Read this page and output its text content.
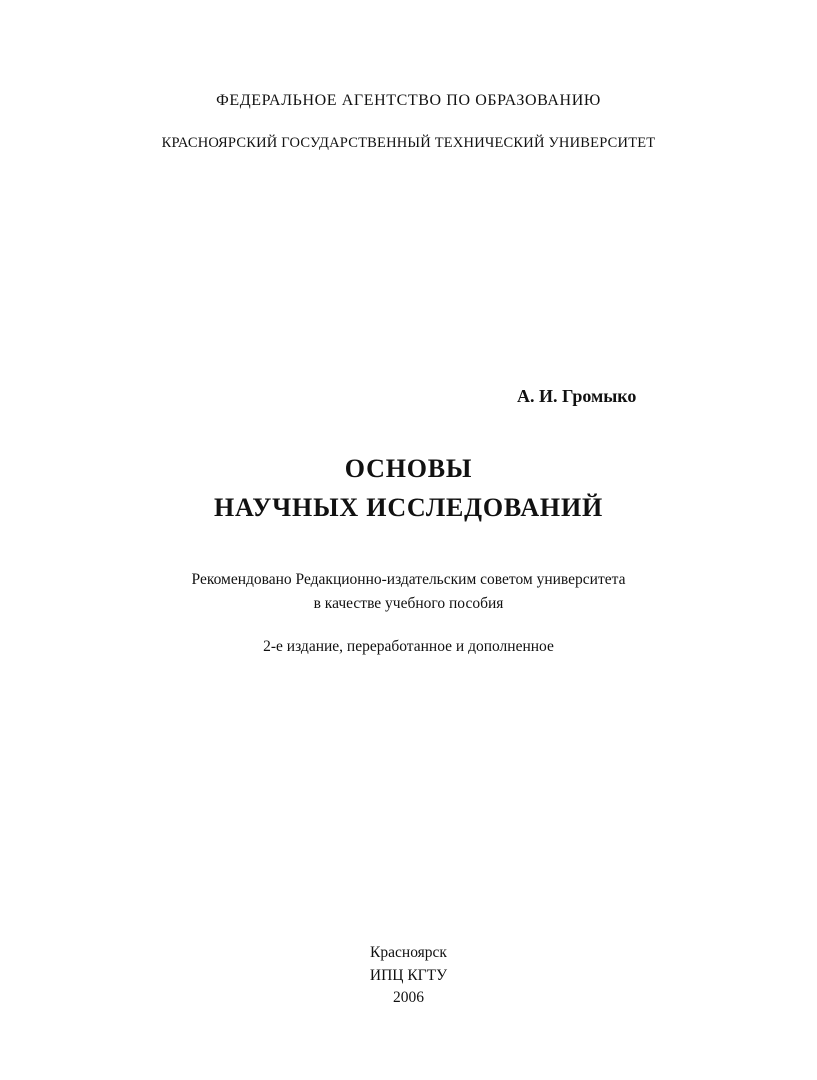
ФЕДЕРАЛЬНОЕ АГЕНТСТВО ПО ОБРАЗОВАНИЮ
КРАСНОЯРСКИЙ ГОСУДАРСТВЕННЫЙ ТЕХНИЧЕСКИЙ УНИВЕРСИТЕТ
А. И. Громыко
ОСНОВЫ
НАУЧНЫХ ИССЛЕДОВАНИЙ
Рекомендовано Редакционно-издательским советом университета
в качестве учебного пособия
2-е издание, переработанное и дополненное
Красноярск
ИПЦ КГТУ
2006
